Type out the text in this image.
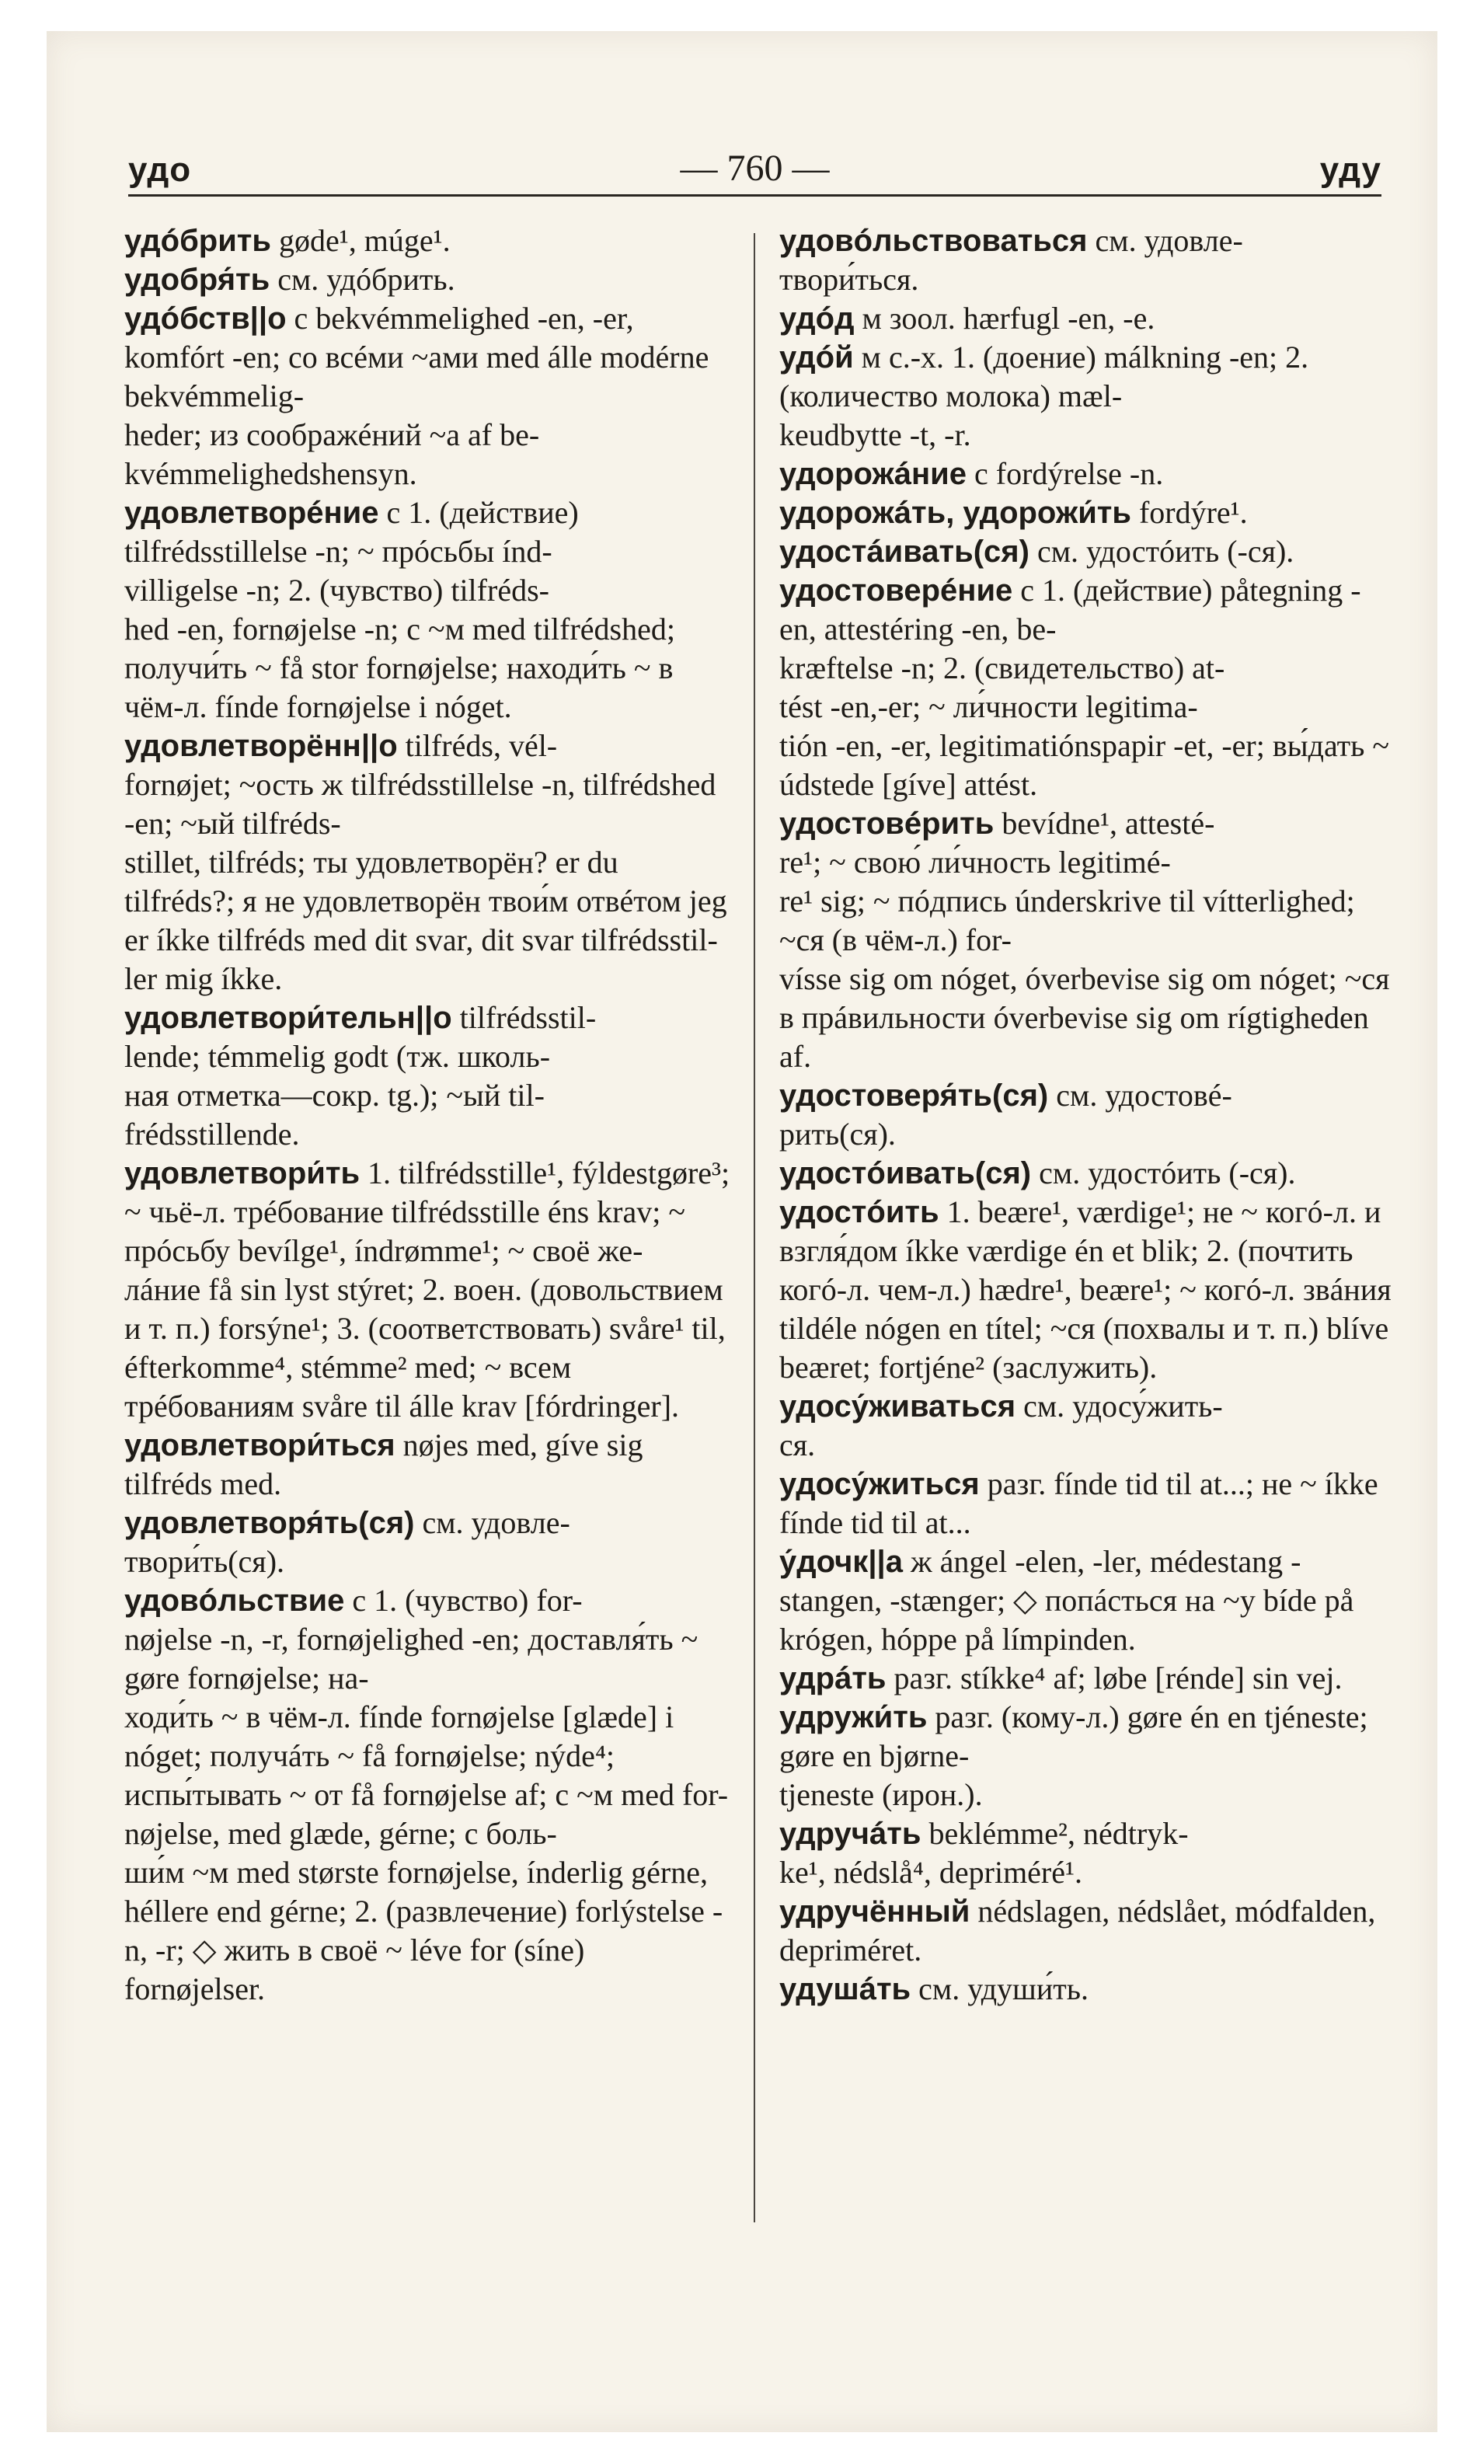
удо	— 760 —	уду

удóбрить gøde¹, múge¹.

удобря́ть см. удóбрить.

удóбств||о с bekvémmelighed -en, -er, komfórt -en; со всéми ~ами med álle modérne bekvémmelig-
heder; из соображéний ~а af be-
kvémmelighedshensyn.

удовлетворéние с 1. (действие) tilfrédsstillelse -n; ~ прóсьбы índ-
villigelse -n; 2. (чувство) tilfréds-
hed -en, fornøjelse -n; с ~м med tilfrédshed; получи́ть ~ få stor fornøjelse; находи́ть ~ в чём-л. fínde fornøjelse i nóget.

удовлетворённ||о tilfréds, vél-
fornøjet; ~ость ж tilfrédsstillelse -n, tilfrédshed -en; ~ый tilfréds-
stillet, tilfréds; ты удовлетворён? er du tilfréds?; я не удовлетворён твои́м отвéтом jeg er íkke tilfréds med dit svar, dit svar tilfrédsstil-
ler mig íkke.

удовлетвори́тельн||о tilfrédsstil-
lende; témmelig godt (тж. школь-
ная отметка—сокр. tg.); ~ый til-
frédsstillende.

удовлетвори́ть 1. tilfrédsstille¹, fýldestgøre³; ~ чьё-л. трéбование tilfrédsstille éns krav; ~ прóсьбу bevílge¹, índrømme¹; ~ своё же-
лáние få sin lyst stýret; 2. воен. (довольствием и т. п.) forsýne¹; 3. (соответствовать) svåre¹ til, éfterkomme⁴, stémme² med; ~ всем трéбованиям svåre til álle krav [fórdringer].

удовлетвори́ться nøjes med, gíve sig tilfréds med.

удовлетворя́ть(ся) см. удовле-
твори́ть(ся).

удовóльствие с 1. (чувство) for-
nøjelse -n, -r, fornøjelighed -en; доставля́ть ~ gøre fornøjelse; на-
ходи́ть ~ в чём-л. fínde fornøjelse [glæde] i nóget; получáть ~ få fornøjelse; nýde⁴; испы́тывать ~ от få fornøjelse af; с ~м med for-
nøjelse, med glæde, gérne; с боль-
ши́м ~м med største fornøjelse, índerlig gérne, héllere end gérne; 2. (развлечение) forlýstelse -n, -r; ◇ жить в своё ~ léve for (síne) fornøjelser.

удовóльствоваться см. удовле-
твори́ться.

удóд м зоол. hærfugl -en, -e.

удóй м с.-х. 1. (доение) málkning -en; 2. (количество молока) mæl-
keudbytte -t, -r.

удорожáние с fordýrelse -n.

удорожáть, удорожи́ть fordýre¹.

удостáивать(ся) см. удостóить (-ся).

удостоверéние с 1. (действие) påtegning -en, attestéring -en, be-
kræftelse -n; 2. (свидетельство) at-
tést -en,-er; ~ ли́чности legitima-
tión -en, -er, legitimatiónspapir -et, -er; вы́дать ~ údstede [gíve] attést.

удостовéрить bevídne¹, attesté-
re¹; ~ свою́ ли́чность legitimé-
re¹ sig; ~ пóдпись únderskrive til vítterlighed; ~ся (в чём-л.) for-
vísse sig om nóget, óverbevise sig om nóget; ~ся в прáвильности óverbevise sig om rígtigheden af.

удостоверя́ть(ся) см. удостовé-
рить(ся).

удостóивать(ся) см. удостóить (-ся).

удостóить 1. beære¹, værdige¹; не ~ когó-л. и взгля́дом íkke værdige én et blik; 2. (почтить когó-л. чем-л.) hædre¹, beære¹; ~ когó-л. звáния tildéle nógen en títel; ~ся (похвалы и т. п.) blíve beæret; fortjéne² (заслужить).

удосу́живаться см. удосу́жить-
ся.

удосу́житься разг. fínde tid til at...; не ~ íkke fínde tid til at...

у́дочк||а ж ángel -elen, -ler, médestang -stangen, -stænger; ◇ попáсться на ~у bíde på krógen, hóppe på límpinden.

удрáть разг. stíkke⁴ af; løbe [rénde] sin vej.

удружи́ть разг. (кому-л.) gøre én en tjéneste; gøre en bjørne-
tjeneste (ирон.).

удручáть beklémme², nédtryk-
ke¹, nédslå⁴, depriméré¹.

удручённый nédslagen, nédslået, módfalden, depriméret.

удушáть см. удуши́ть.
